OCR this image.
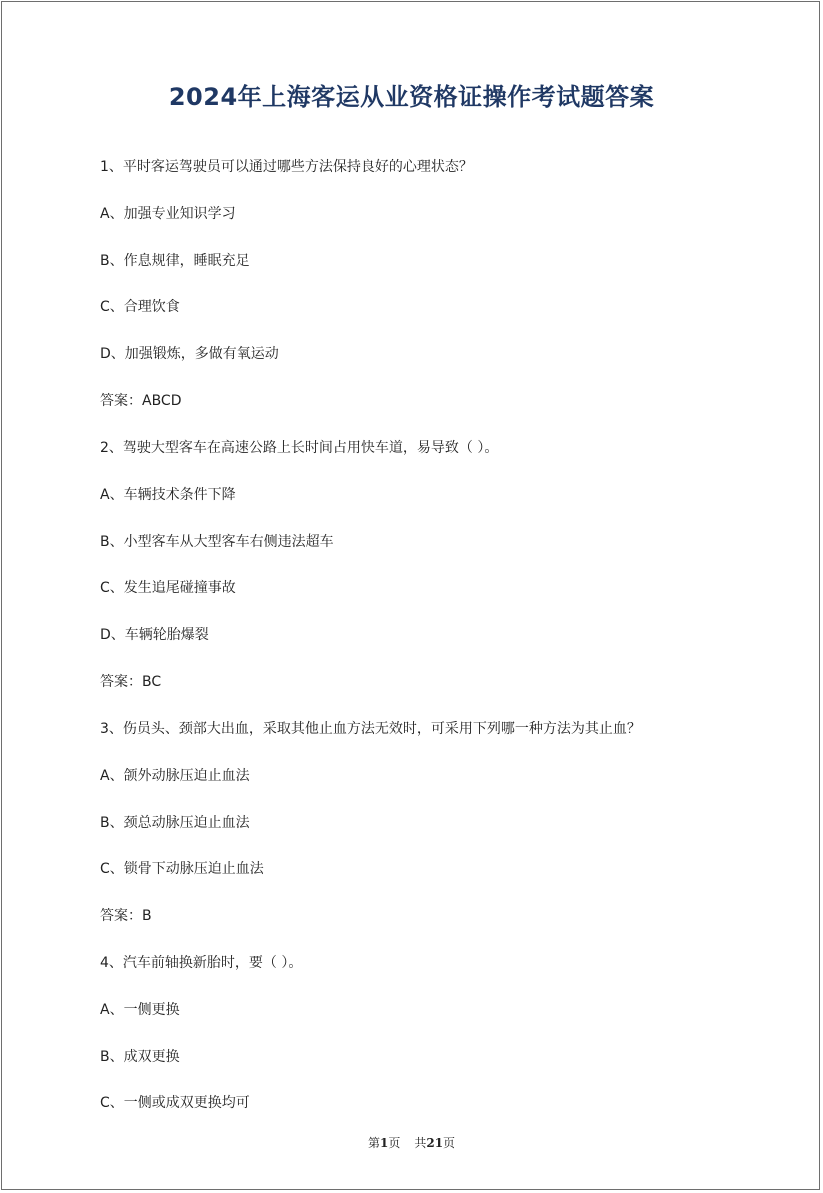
2024年上海客运从业资格证操作考试题答案
1、平时客运驾驶员可以通过哪些方法保持良好的心理状态？
A、加强专业知识学习
B、作息规律，睡眠充足
C、合理饮食
D、加强锻炼，多做有氧运动
答案：ABCD
2、驾驶大型客车在高速公路上长时间占用快车道，易导致（ ）。
A、车辆技术条件下降
B、小型客车从大型客车右侧违法超车
C、发生追尾碰撞事故
D、车辆轮胎爆裂
答案：BC
3、伤员头、颈部大出血，采取其他止血方法无效时，可采用下列哪一种方法为其止血？
A、颌外动脉压迫止血法
B、颈总动脉压迫止血法
C、锁骨下动脉压迫止血法
答案：B
4、汽车前轴换新胎时，要（ ）。
A、一侧更换
B、成双更换
C、一侧或成双更换均可
第1页 共21页
